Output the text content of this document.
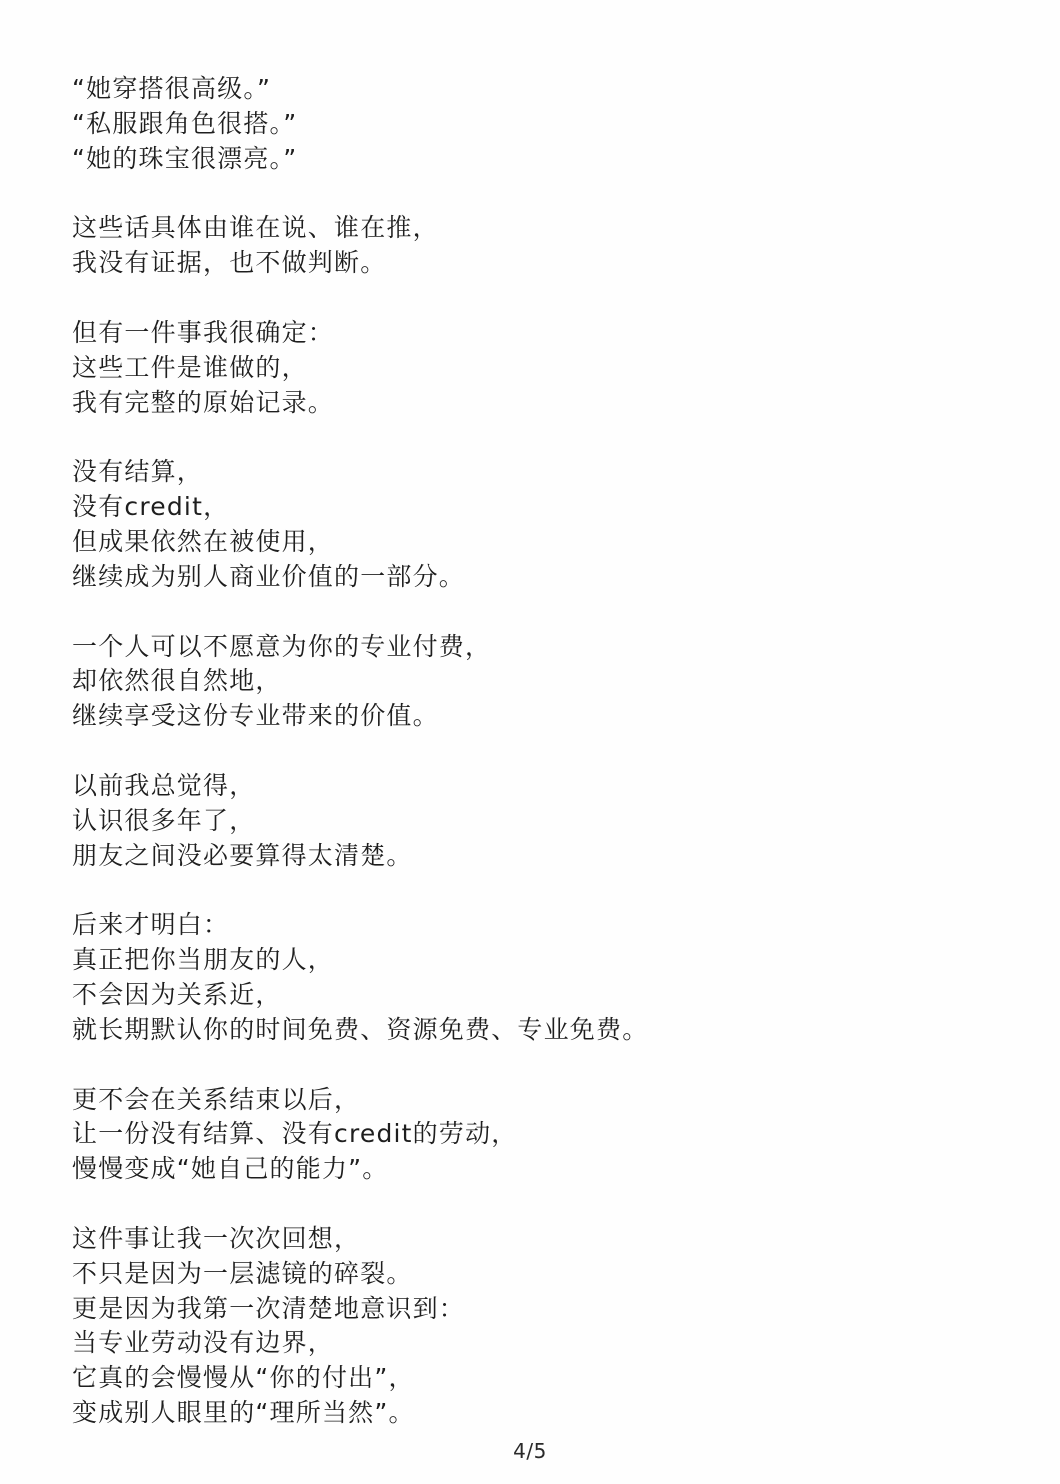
“她穿搭很高级。”
“私服跟角色很搭。”
“她的珠宝很漂亮。”
这些话具体由谁在说、谁在推，
我没有证据，也不做判断。
但有一件事我很确定：
这些工件是谁做的，
我有完整的原始记录。
没有结算，
没有credit，
但成果依然在被使用，
继续成为别人商业价值的一部分。
一个人可以不愿意为你的专业付费，
却依然很自然地，
继续享受这份专业带来的价值。
以前我总觉得，
认识很多年了，
朋友之间没必要算得太清楚。
后来才明白：
真正把你当朋友的人，
不会因为关系近，
就长期默认你的时间免费、资源免费、专业免费。
更不会在关系结束以后，
让一份没有结算、没有credit的劳动，
慢慢变成“她自己的能力”。
这件事让我一次次回想，
不只是因为一层滤镜的碎裂。
更是因为我第一次清楚地意识到：
当专业劳动没有边界，
它真的会慢慢从“你的付出”，
变成别人眼里的“理所当然”。
4/5
